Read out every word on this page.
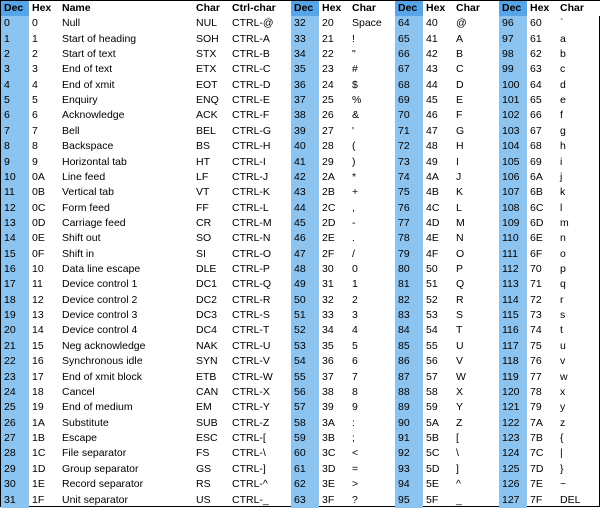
Dec	Hex	Name	Char	Ctrl-char	Dec	Hex	Char	Dec	Hex	Char	Dec	Hex	Char
0	0	Null	NUL	CTRL-@	32	20	Space	64	40	@	96	60	`
1	1	Start of heading	SOH	CTRL-A	33	21	!	65	41	A	97	61	a
2	2	Start of text	STX	CTRL-B	34	22	"	66	42	B	98	62	b
3	3	End of text	ETX	CTRL-C	35	23	#	67	43	C	99	63	c
4	4	End of xmit	EOT	CTRL-D	36	24	$	68	44	D	100	64	d
5	5	Enquiry	ENQ	CTRL-E	37	25	%	69	45	E	101	65	e
6	6	Acknowledge	ACK	CTRL-F	38	26	&	70	46	F	102	66	f
7	7	Bell	BEL	CTRL-G	39	27	'	71	47	G	103	67	g
8	8	Backspace	BS	CTRL-H	40	28	(	72	48	H	104	68	h
9	9	Horizontal tab	HT	CTRL-I	41	29	)	73	49	I	105	69	i
10	0A	Line feed	LF	CTRL-J	42	2A	*	74	4A	J	106	6A	j
11	0B	Vertical tab	VT	CTRL-K	43	2B	+	75	4B	K	107	6B	k
12	0C	Form feed	FF	CTRL-L	44	2C	,	76	4C	L	108	6C	l
13	0D	Carriage feed	CR	CTRL-M	45	2D	-	77	4D	M	109	6D	m
14	0E	Shift out	SO	CTRL-N	46	2E	.	78	4E	N	110	6E	n
15	0F	Shift in	SI	CTRL-O	47	2F	/	79	4F	O	111	6F	o
16	10	Data line escape	DLE	CTRL-P	48	30	0	80	50	P	112	70	p
17	11	Device control 1	DC1	CTRL-Q	49	31	1	81	51	Q	113	71	q
18	12	Device control 2	DC2	CTRL-R	50	32	2	82	52	R	114	72	r
19	13	Device control 3	DC3	CTRL-S	51	33	3	83	53	S	115	73	s
20	14	Device control 4	DC4	CTRL-T	52	34	4	84	54	T	116	74	t
21	15	Neg acknowledge	NAK	CTRL-U	53	35	5	85	55	U	117	75	u
22	16	Synchronous idle	SYN	CTRL-V	54	36	6	86	56	V	118	76	v
23	17	End of xmit block	ETB	CTRL-W	55	37	7	87	57	W	119	77	w
24	18	Cancel	CAN	CTRL-X	56	38	8	88	58	X	120	78	x
25	19	End of medium	EM	CTRL-Y	57	39	9	89	59	Y	121	79	y
26	1A	Substitute	SUB	CTRL-Z	58	3A	:	90	5A	Z	122	7A	z
27	1B	Escape	ESC	CTRL-[	59	3B	;	91	5B	[	123	7B	{
28	1C	File separator	FS	CTRL-\	60	3C	<	92	5C	\	124	7C	|
29	1D	Group separator	GS	CTRL-]	61	3D	=	93	5D	]	125	7D	}
30	1E	Record separator	RS	CTRL-^	62	3E	>	94	5E	^	126	7E	~
31	1F	Unit separator	US	CTRL-_	63	3F	?	95	5F	_	127	7F	DEL
